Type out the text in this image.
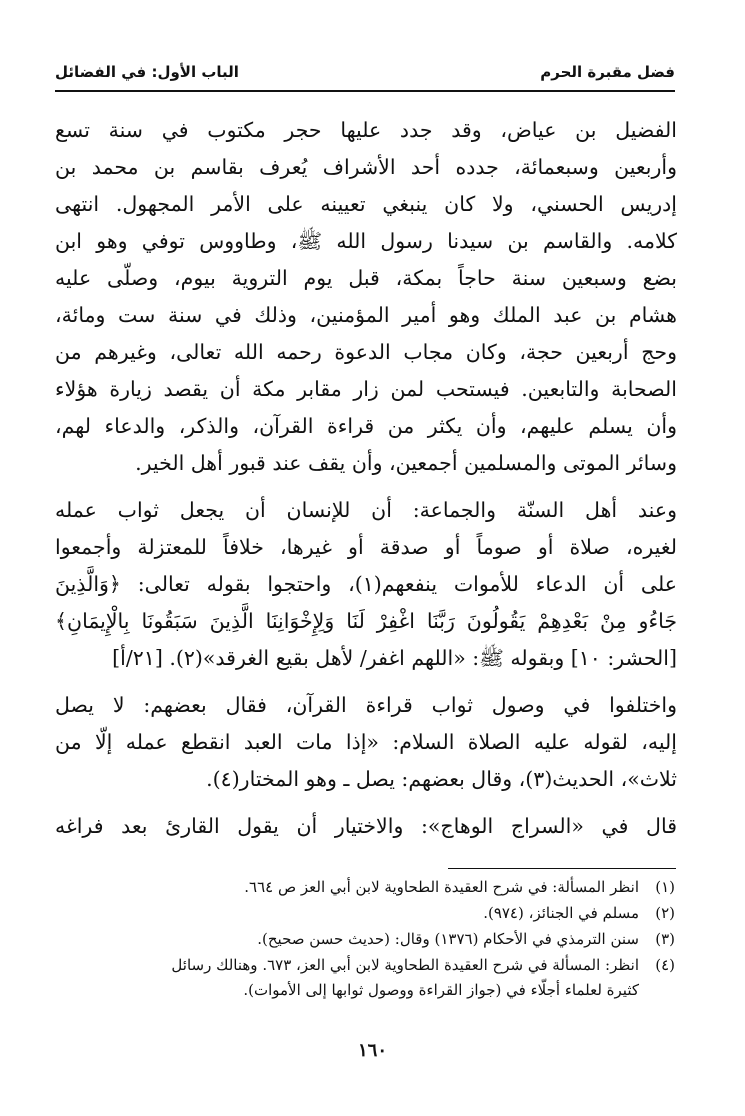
فضل مقبرة الحرم
الباب الأول: في الفضائل
الفضيل بن عياض، وقد جدد عليها حجر مكتوب في سنة تسع
وأربعين وسبعمائة، جدده أحد الأشراف يُعرف بقاسم بن محمد بن
إدريس الحسني، ولا كان ينبغي تعيينه على الأمر المجهول. انتهى
كلامه. والقاسم بن سيدنا رسول الله ﷺ، وطاووس توفي وهو ابن
بضع وسبعين سنة حاجاً بمكة، قبل يوم التروية بيوم، وصلّى عليه
هشام بن عبد الملك وهو أمير المؤمنين، وذلك في سنة ست ومائة،
وحج أربعين حجة، وكان مجاب الدعوة رحمه الله تعالى، وغيرهم من
الصحابة والتابعين. فيستحب لمن زار مقابر مكة أن يقصد زيارة هؤلاء
وأن يسلم عليهم، وأن يكثر من قراءة القرآن، والذكر، والدعاء لهم،
وسائر الموتى والمسلمين أجمعين، وأن يقف عند قبور أهل الخير.
وعند أهل السنّة والجماعة: أن للإنسان أن يجعل ثواب عمله
لغيره، صلاة أو صوماً أو صدقة أو غيرها، خلافاً للمعتزلة وأجمعوا
على أن الدعاء للأموات ينفعهم(١)، واحتجوا بقوله تعالى: ﴿وَالَّذِينَ
جَاءُو مِنْ بَعْدِهِمْ يَقُولُونَ رَبَّنَا اغْفِرْ لَنَا وَلِإِخْوَانِنَا الَّذِينَ سَبَقُونَا بِالْإِيمَانِ﴾
[الحشر: ١٠] وبقوله ﷺ: «اللهم اغفر/ لأهل بقيع الغرقد»(٢). [٢١/أ]
واختلفوا في وصول ثواب قراءة القرآن، فقال بعضهم: لا يصل
إليه، لقوله عليه الصلاة السلام: «إذا مات العبد انقطع عمله إلّا من
ثلاث»، الحديث(٣)، وقال بعضهم: يصل ـ وهو المختار(٤).
قال في «السراج الوهاج»: والاختيار أن يقول القارئ بعد فراغه
(١)
انظر المسألة: في شرح العقيدة الطحاوية لابن أبي العز ص ٦٦٤.
(٢)
مسلم في الجنائز، (٩٧٤).
(٣)
سنن الترمذي في الأحكام (١٣٧٦) وقال: (حديث حسن صحيح).
(٤)
انظر: المسألة في شرح العقيدة الطحاوية لابن أبي العز، ٦٧٣. وهنالك رسائل
كثيرة لعلماء أجلّاء في (جواز القراءة ووصول ثوابها إلى الأموات).
١٦٠
